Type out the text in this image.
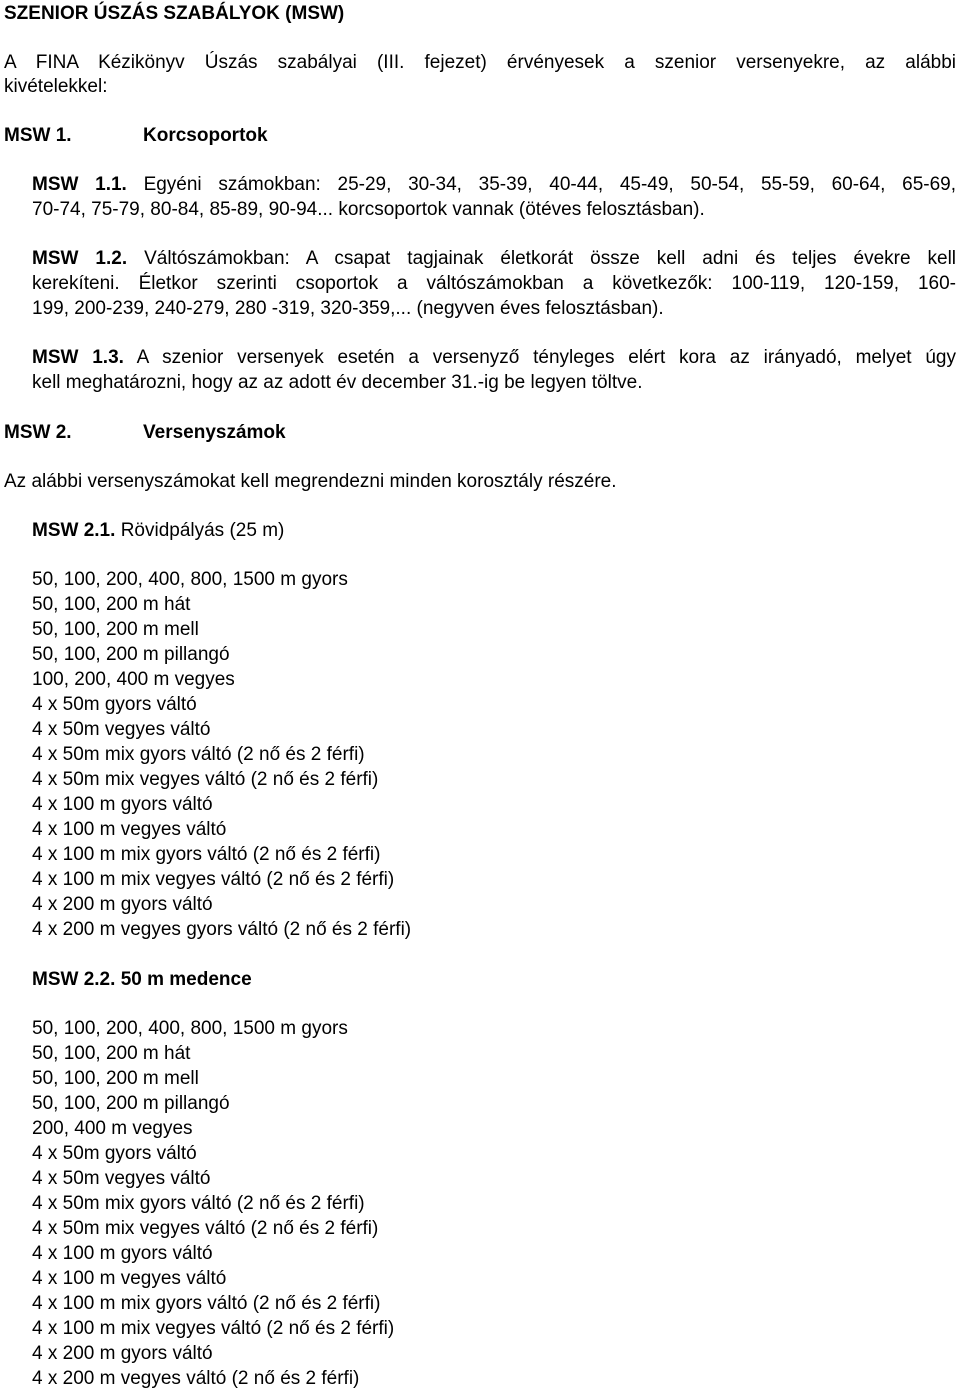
SZENIOR ÚSZÁS SZABÁLYOK (MSW)
A FINA Kézikönyv Úszás szabályai (III. fejezet) érvényesek a szenior versenyekre, az alábbi
kivételekkel:
MSW 1.	Korcsoportok
MSW 1.1. Egyéni számokban: 25-29, 30-34, 35-39, 40-44, 45-49, 50-54, 55-59, 60-64, 65-69,
70-74, 75-79, 80-84, 85-89, 90-94... korcsoportok vannak (ötéves felosztásban).
MSW 1.2. Váltószámokban: A csapat tagjainak életkorát össze kell adni és teljes évekre kell
kerekíteni. Életkor szerinti csoportok a váltószámokban a következők: 100-119, 120-159, 160-
199, 200-239, 240-279, 280 -319, 320-359,... (negyven éves felosztásban).
MSW 1.3. A szenior versenyek esetén a versenyző tényleges elért kora az irányadó, melyet úgy
kell meghatározni, hogy az az adott év december 31.-ig be legyen töltve.
MSW 2.	Versenyszámok
Az alábbi versenyszámokat kell megrendezni minden korosztály részére.
MSW 2.1. Rövidpályás (25 m)
50, 100, 200, 400, 800, 1500 m gyors
50, 100, 200 m hát
50, 100, 200 m mell
50, 100, 200 m pillangó
100, 200, 400 m vegyes
4 x 50m gyors váltó
4 x 50m vegyes váltó
4 x 50m mix gyors váltó (2 nő és 2 férfi)
4 x 50m mix vegyes váltó (2 nő és 2 férfi)
4 x 100 m gyors váltó
4 x 100 m vegyes váltó
4 x 100 m mix gyors váltó (2 nő és 2 férfi)
4 x 100 m mix vegyes váltó (2 nő és 2 férfi)
4 x 200 m gyors váltó
4 x 200 m vegyes gyors váltó (2 nő és 2 férfi)
MSW 2.2. 50 m medence
50, 100, 200, 400, 800, 1500 m gyors
50, 100, 200 m hát
50, 100, 200 m mell
50, 100, 200 m pillangó
200, 400 m vegyes
4 x 50m gyors váltó
4 x 50m vegyes váltó
4 x 50m mix gyors váltó (2 nő és 2 férfi)
4 x 50m mix vegyes váltó (2 nő és 2 férfi)
4 x 100 m gyors váltó
4 x 100 m vegyes váltó
4 x 100 m mix gyors váltó (2 nő és 2 férfi)
4 x 100 m mix vegyes váltó (2 nő és 2 férfi)
4 x 200 m gyors váltó
4 x 200 m vegyes váltó (2 nő és 2 férfi)
